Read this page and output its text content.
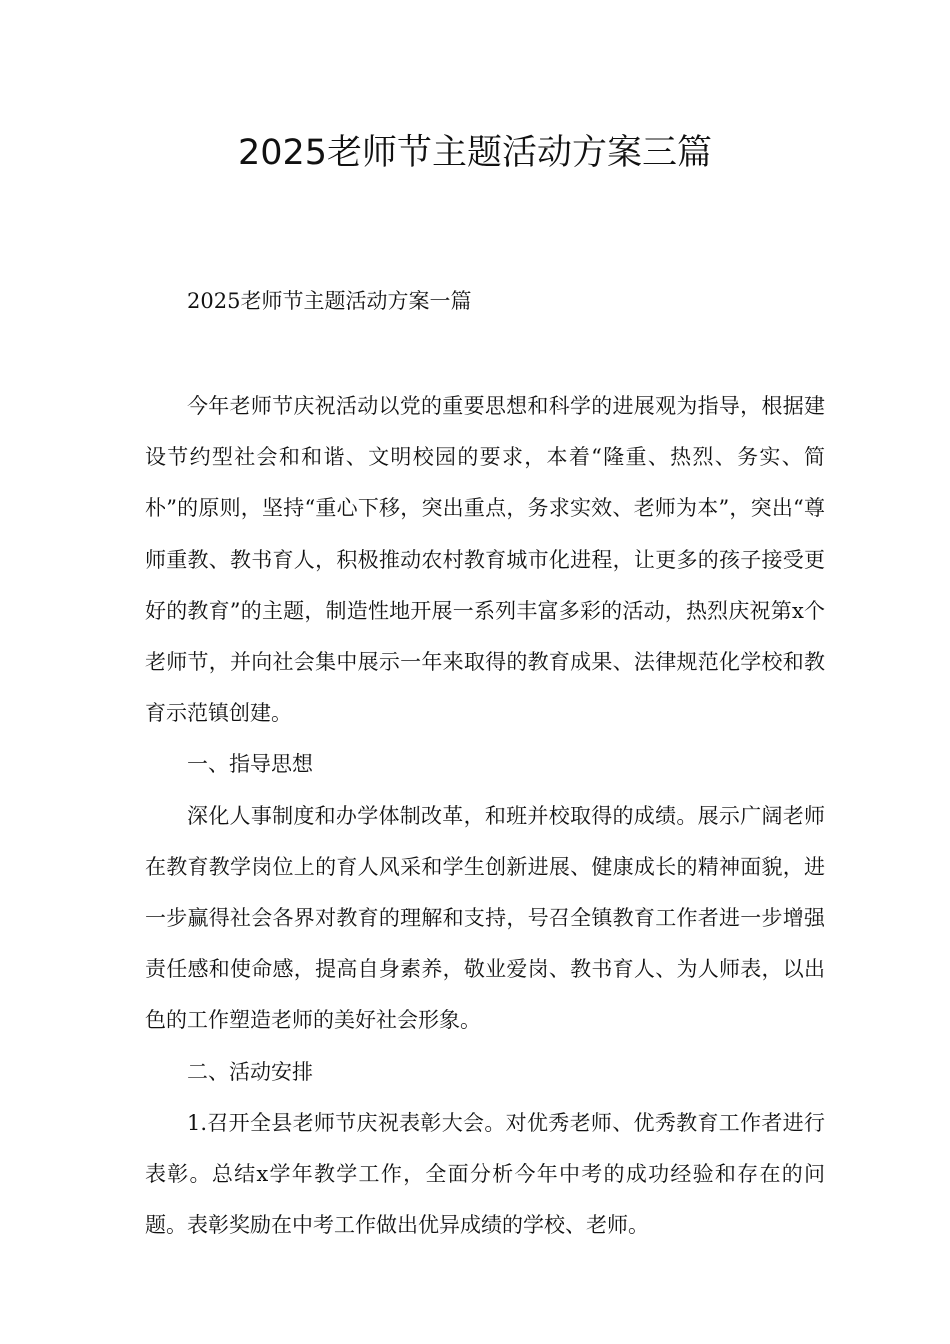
2025老师节主题活动方案三篇

2025老师节主题活动方案一篇

今年老师节庆祝活动以党的重要思想和科学的进展观为指导，根据建设节约型社会和和谐、文明校园的要求，本着“隆重、热烈、务实、简朴”的原则，坚持“重心下移，突出重点，务求实效、老师为本”，突出“尊师重教、教书育人，积极推动农村教育城市化进程，让更多的孩子接受更好的教育”的主题，制造性地开展一系列丰富多彩的活动，热烈庆祝第x个老师节，并向社会集中展示一年来取得的教育成果、法律规范化学校和教育示范镇创建。

一、指导思想

深化人事制度和办学体制改革，和班并校取得的成绩。展示广阔老师在教育教学岗位上的育人风采和学生创新进展、健康成长的精神面貌，进一步赢得社会各界对教育的理解和支持，号召全镇教育工作者进一步增强责任感和使命感，提高自身素养，敬业爱岗、教书育人、为人师表，以出色的工作塑造老师的美好社会形象。

二、活动安排

1.召开全县老师节庆祝表彰大会。对优秀老师、优秀教育工作者进行表彰。总结x学年教学工作，全面分析今年中考的成功经验和存在的问题。表彰奖励在中考工作做出优异成绩的学校、老师。
